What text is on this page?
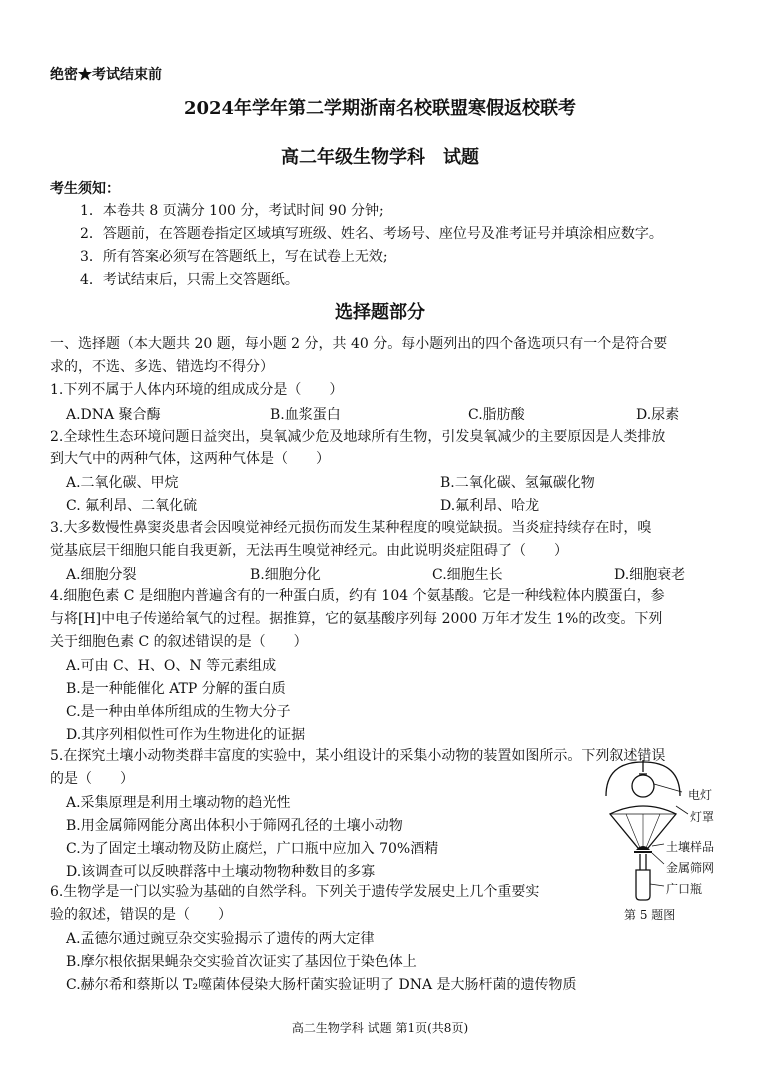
绝密★考试结束前
2024年学年第二学期浙南名校联盟寒假返校联考
高二年级生物学科　试题
考生须知：
1．本卷共 8 页满分 100 分，考试时间 90 分钟;
2．答题前，在答题卷指定区域填写班级、姓名、考场号、座位号及准考证号并填涂相应数字。
3．所有答案必须写在答题纸上，写在试卷上无效;
4．考试结束后，只需上交答题纸。
选择题部分
一、选择题（本大题共 20 题，每小题 2 分，共 40 分。每小题列出的四个备选项只有一个是符合要
求的，不选、多选、错选均不得分）
1.下列不属于人体内环境的组成成分是（　　）
A.DNA 聚合酶	B.血浆蛋白	C.脂肪酸	D.尿素
2.全球性生态环境问题日益突出，臭氧减少危及地球所有生物，引发臭氧减少的主要原因是人类排放
到大气中的两种气体，这两种气体是（　　）
A.二氧化碳、甲烷	B.二氧化碳、氢氟碳化物
C. 氟利昂、二氧化硫	D.氟利昂、哈龙
3.大多数慢性鼻窦炎患者会因嗅觉神经元损伤而发生某种程度的嗅觉缺损。当炎症持续存在时，嗅
觉基底层干细胞只能自我更新，无法再生嗅觉神经元。由此说明炎症阻碍了（　　）
A.细胞分裂	B.细胞分化	C.细胞生长	D.细胞衰老
4.细胞色素 C 是细胞内普遍含有的一种蛋白质，约有 104 个氨基酸。它是一种线粒体内膜蛋白，参
与将[H]中电子传递给氧气的过程。据推算，它的氨基酸序列每 2000 万年才发生 1%的改变。下列
关于细胞色素 C 的叙述错误的是（　　）
A.可由 C、H、O、N 等元素组成
B.是一种能催化 ATP 分解的蛋白质
C.是一种由单体所组成的生物大分子
D.其序列相似性可作为生物进化的证据
5.在探究土壤小动物类群丰富度的实验中，某小组设计的采集小动物的装置如图所示。下列叙述错误
的是（　　）
A.采集原理是利用土壤动物的趋光性
B.用金属筛网能分离出体积小于筛网孔径的土壤小动物
C.为了固定土壤动物及防止腐烂，广口瓶中应加入 70%酒精
D.该调查可以反映群落中土壤动物物种数目的多寡
电灯
灯罩
土壤样品
金属筛网
广口瓶
第 5 题图
6.生物学是一门以实验为基础的自然学科。下列关于遗传学发展史上几个重要实
验的叙述，错误的是（　　）
A.孟德尔通过豌豆杂交实验揭示了遗传的两大定律
B.摩尔根依据果蝇杂交实验首次证实了基因位于染色体上
C.赫尔希和蔡斯以 T₂噬菌体侵染大肠杆菌实验证明了 DNA 是大肠杆菌的遗传物质
高二生物学科 试题 第1页(共8页)
